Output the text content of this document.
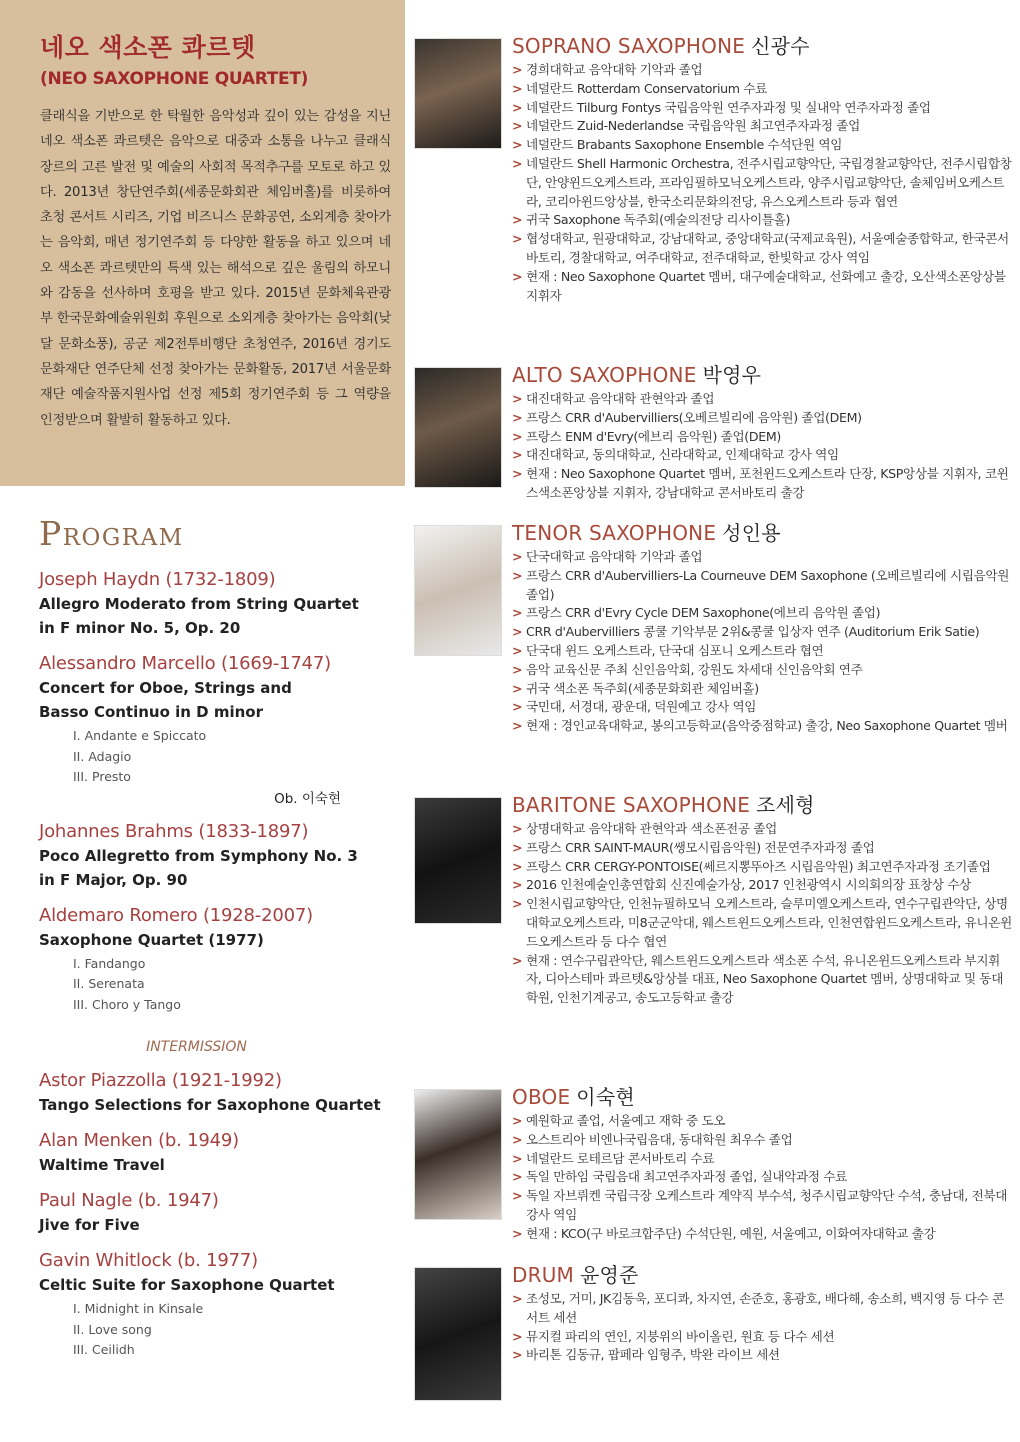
네오 색소폰 콰르텟
(NEO SAXOPHONE QUARTET)

클래식을 기반으로 한 탁월한 음악성과 깊이 있는 감성을 지닌 네오 색소폰 콰르텟은 음악으로 대중과 소통을 나누고 클래식 장르의 고른 발전 및 예술의 사회적 목적추구를 모토로 하고 있다. 2013년 창단연주회(세종문화회관 체임버홀)를 비롯하여 초청 콘서트 시리즈, 기업 비즈니스 문화공연, 소외계층 찾아가는 음악회, 매년 정기연주회 등 다양한 활동을 하고 있으며 네오 색소폰 콰르텟만의 특색 있는 해석으로 깊은 울림의 하모니와 감동을 선사하며 호평을 받고 있다. 2015년 문화체육관광부 한국문화예술위원회 후원으로 소외계층 찾아가는 음악회(낮달 문화소풍), 공군 제2전투비행단 초청연주, 2016년 경기도문화재단 연주단체 선정 찾아가는 문화활동, 2017년 서울문화재단 예술작품지원사업 선정 제5회 정기연주회 등 그 역량을 인정받으며 활발히 활동하고 있다.

Program
Joseph Haydn (1732-1809)
Allegro Moderato from String Quartet
in F minor No. 5, Op. 20
Alessandro Marcello (1669-1747)
Concert for Oboe, Strings and
Basso Continuo in D minor
I. Andante e Spiccato
II. Adagio
III. Presto
Ob. 이숙현
Johannes Brahms (1833-1897)
Poco Allegretto from Symphony No. 3
in F Major, Op. 90
Aldemaro Romero (1928-2007)
Saxophone Quartet (1977)
I. Fandango
II. Serenata
III. Choro y Tango
INTERMISSION
Astor Piazzolla (1921-1992)
Tango Selections for Saxophone Quartet
Alan Menken (b. 1949)
Waltime Travel
Paul Nagle (b. 1947)
Jive for Five
Gavin Whitlock (b. 1977)
Celtic Suite for Saxophone Quartet
I. Midnight in Kinsale
II. Love song
III. Ceilidh
SOPRANO SAXOPHONE 신광수
> 경희대학교 음악대학 기악과 졸업
> 네덜란드 Rotterdam Conservatorium 수료
> 네덜란드 Tilburg Fontys 국립음악원 연주자과정 및 실내악 연주자과정 졸업
> 네덜란드 Zuid-Nederlandse 국립음악원 최고연주자과정 졸업
> 네덜란드 Brabants Saxophone Ensemble 수석단원 역임
> 네덜란드 Shell Harmonic Orchestra, 전주시립교향악단, 국립경찰교향악단, 전주시립합창단, 안양윈드오케스트라, 프라임필하모닉오케스트라, 양주시립교향악단, 솔체임버오케스트라, 코리아윈드앙상블, 한국소리문화의전당, 유스오케스트라 등과 협연
> 귀국 Saxophone 독주회(예술의전당 리사이틀홀)
> 협성대학교, 원광대학교, 강남대학교, 중앙대학교(국제교육원), 서울예술종합학교, 한국콘서바토리, 경찰대학교, 여주대학교, 전주대학교, 한빛학교 강사 역임
> 현재 : Neo Saxophone Quartet 멤버, 대구예술대학교, 선화예고 출강, 오산색소폰앙상블 지휘자
ALTO SAXOPHONE 박영우
> 대진대학교 음악대학 관현악과 졸업
> 프랑스 CRR d'Aubervilliers(오베르빌리에 음악원) 졸업(DEM)
> 프랑스 ENM d'Evry(에브리 음악원) 졸업(DEM)
> 대진대학교, 동의대학교, 신라대학교, 인제대학교 강사 역임
> 현재 : Neo Saxophone Quartet 멤버, 포천윈드오케스트라 단장, KSP앙상블 지휘자, 코윈스색소폰앙상블 지휘자, 강남대학교 콘서바토리 출강
TENOR SAXOPHONE 성인용
> 단국대학교 음악대학 기악과 졸업
> 프랑스 CRR d'Aubervilliers-La Courneuve DEM Saxophone (오베르빌리에 시립음악원 졸업)
> 프랑스 CRR d'Evry Cycle DEM Saxophone(에브리 음악원 졸업)
> CRR d'Aubervilliers 콩쿨 기악부문 2위&콩쿨 입상자 연주 (Auditorium Erik Satie)
> 단국대 윈드 오케스트라, 단국대 심포니 오케스트라 협연
> 음악 교육신문 주최 신인음악회, 강원도 차세대 신인음악회 연주
> 귀국 색소폰 독주회(세종문화회관 체임버홀)
> 국민대, 서경대, 광운대, 덕원예고 강사 역임
> 현재 : 경인교육대학교, 봉의고등학교(음악중점학교) 출강, Neo Saxophone Quartet 멤버
BARITONE SAXOPHONE 조세형
> 상명대학교 음악대학 관현악과 색소폰전공 졸업
> 프랑스 CRR SAINT-MAUR(쌩모시립음악원) 전문연주자과정 졸업
> 프랑스 CRR CERGY-PONTOISE(쎄르지뽕뚜아즈 시립음악원) 최고연주자과정 조기졸업
> 2016 인천예술인총연합회 신진예술가상, 2017 인천광역시 시의회의장 표창상 수상
> 인천시립교향악단, 인천뉴필하모닉 오케스트라, 슬루미엘오케스트라, 연수구립관악단, 상명대학교오케스트라, 미8군군악대, 웨스트윈드오케스트라, 인천연합윈드오케스트라, 유니온윈드오케스트라 등 다수 협연
> 현재 : 연수구립관악단, 웨스트윈드오케스트라 색소폰 수석, 유니온윈드오케스트라 부지휘자, 디아스테마 콰르텟&앙상블 대표, Neo Saxophone Quartet 멤버, 상명대학교 및 동대학원, 인천기계공고, 송도고등학교 출강
OBOE 이숙현
> 예원학교 졸업, 서울예고 재학 중 도오
> 오스트리아 비엔나국립음대, 동대학원 최우수 졸업
> 네덜란드 로테르담 콘서바토리 수료
> 독일 만하임 국립음대 최고연주자과정 졸업, 실내악과정 수료
> 독일 자브뤼켄 국립극장 오케스트라 계약직 부수석, 청주시립교향악단 수석, 충남대, 전북대 강사 역임
> 현재 : KCO(구 바로크합주단) 수석단원, 예원, 서울예고, 이화여자대학교 출강
DRUM 윤영준
> 조성모, 거미, JK김동욱, 포디콰, 차지연, 손준호, 홍광호, 배다해, 송소희, 백지영 등 다수 콘서트 세션
> 뮤지컬 파리의 연인, 지붕위의 바이올린, 원효 등 다수 세션
> 바리톤 김동규, 팝페라 임형주, 박완 라이브 세션
